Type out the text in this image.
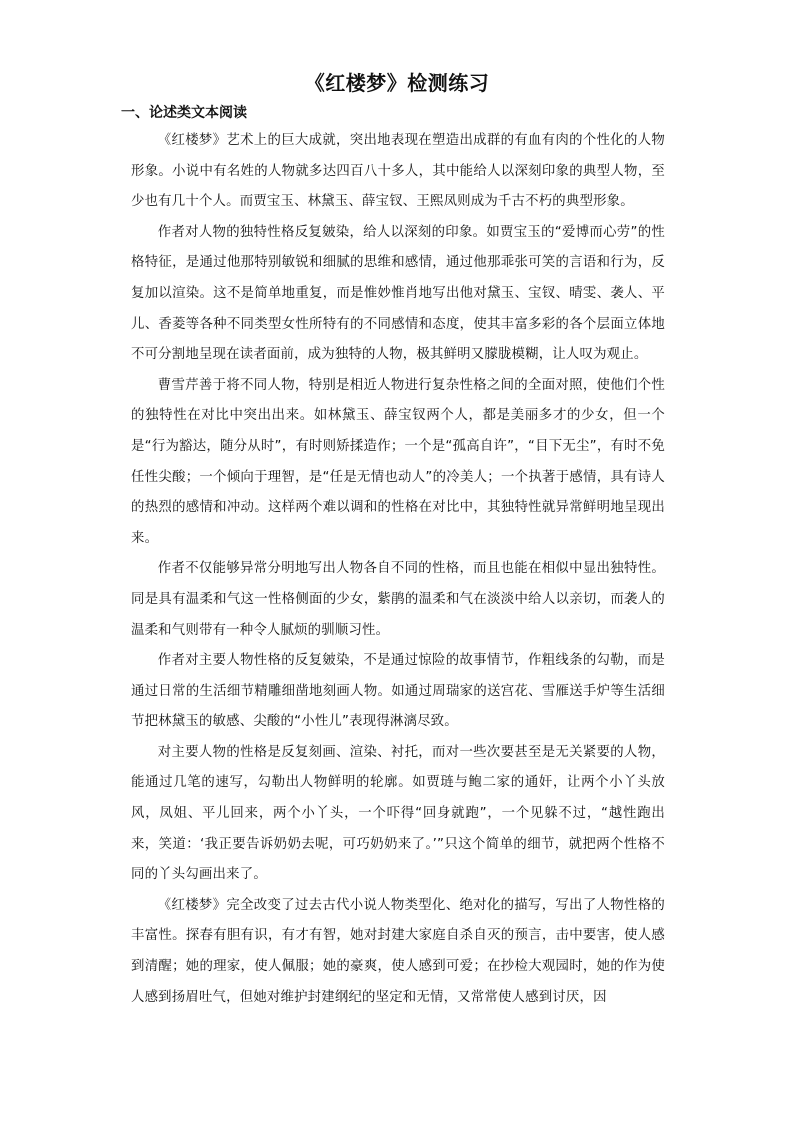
《红楼梦》检测练习
一、论述类文本阅读

《红楼梦》艺术上的巨大成就，突出地表现在塑造出成群的有血有肉的个性化的人物形象。小说中有名姓的人物就多达四百八十多人，其中能给人以深刻印象的典型人物，至少也有几十个人。而贾宝玉、林黛玉、薛宝钗、王熙凤则成为千古不朽的典型形象。

作者对人物的独特性格反复皴染，给人以深刻的印象。如贾宝玉的“爱博而心劳”的性格特征，是通过他那特别敏锐和细腻的思维和感情，通过他那乖张可笑的言语和行为，反复加以渲染。这不是简单地重复，而是惟妙惟肖地写出他对黛玉、宝钗、晴雯、袭人、平儿、香菱等各种不同类型女性所特有的不同感情和态度，使其丰富多彩的各个层面立体地不可分割地呈现在读者面前，成为独特的人物，极其鲜明又朦胧模糊，让人叹为观止。

曹雪芹善于将不同人物，特别是相近人物进行复杂性格之间的全面对照，使他们个性的独特性在对比中突出出来。如林黛玉、薛宝钗两个人，都是美丽多才的少女，但一个是“行为豁达，随分从时”，有时则矫揉造作；一个是“孤高自许”，“目下无尘”，有时不免任性尖酸；一个倾向于理智，是“任是无情也动人”的冷美人；一个执著于感情，具有诗人的热烈的感情和冲动。这样两个难以调和的性格在对比中，其独特性就异常鲜明地呈现出来。

作者不仅能够异常分明地写出人物各自不同的性格，而且也能在相似中显出独特性。同是具有温柔和气这一性格侧面的少女，紫鹃的温柔和气在淡淡中给人以亲切，而袭人的温柔和气则带有一种令人腻烦的驯顺习性。

作者对主要人物性格的反复皴染，不是通过惊险的故事情节，作粗线条的勾勒，而是通过日常的生活细节精雕细凿地刻画人物。如通过周瑞家的送宫花、雪雁送手炉等生活细节把林黛玉的敏感、尖酸的“小性儿”表现得淋漓尽致。

对主要人物的性格是反复刻画、渲染、衬托，而对一些次要甚至是无关紧要的人物，能通过几笔的速写，勾勒出人物鲜明的轮廓。如贾琏与鲍二家的通奸，让两个小丫头放风，凤姐、平儿回来，两个小丫头，一个吓得“回身就跑”，一个见躲不过，“越性跑出来，笑道：‘我正要告诉奶奶去呢，可巧奶奶来了。’”只这个简单的细节，就把两个性格不同的丫头勾画出来了。

《红楼梦》完全改变了过去古代小说人物类型化、绝对化的描写，写出了人物性格的丰富性。探春有胆有识，有才有智，她对封建大家庭自杀自灭的预言，击中要害，使人感到清醒；她的理家，使人佩服；她的豪爽，使人感到可爱；在抄检大观园时，她的作为使人感到扬眉吐气，但她对维护封建纲纪的坚定和无情，又常常使人感到讨厌，因
